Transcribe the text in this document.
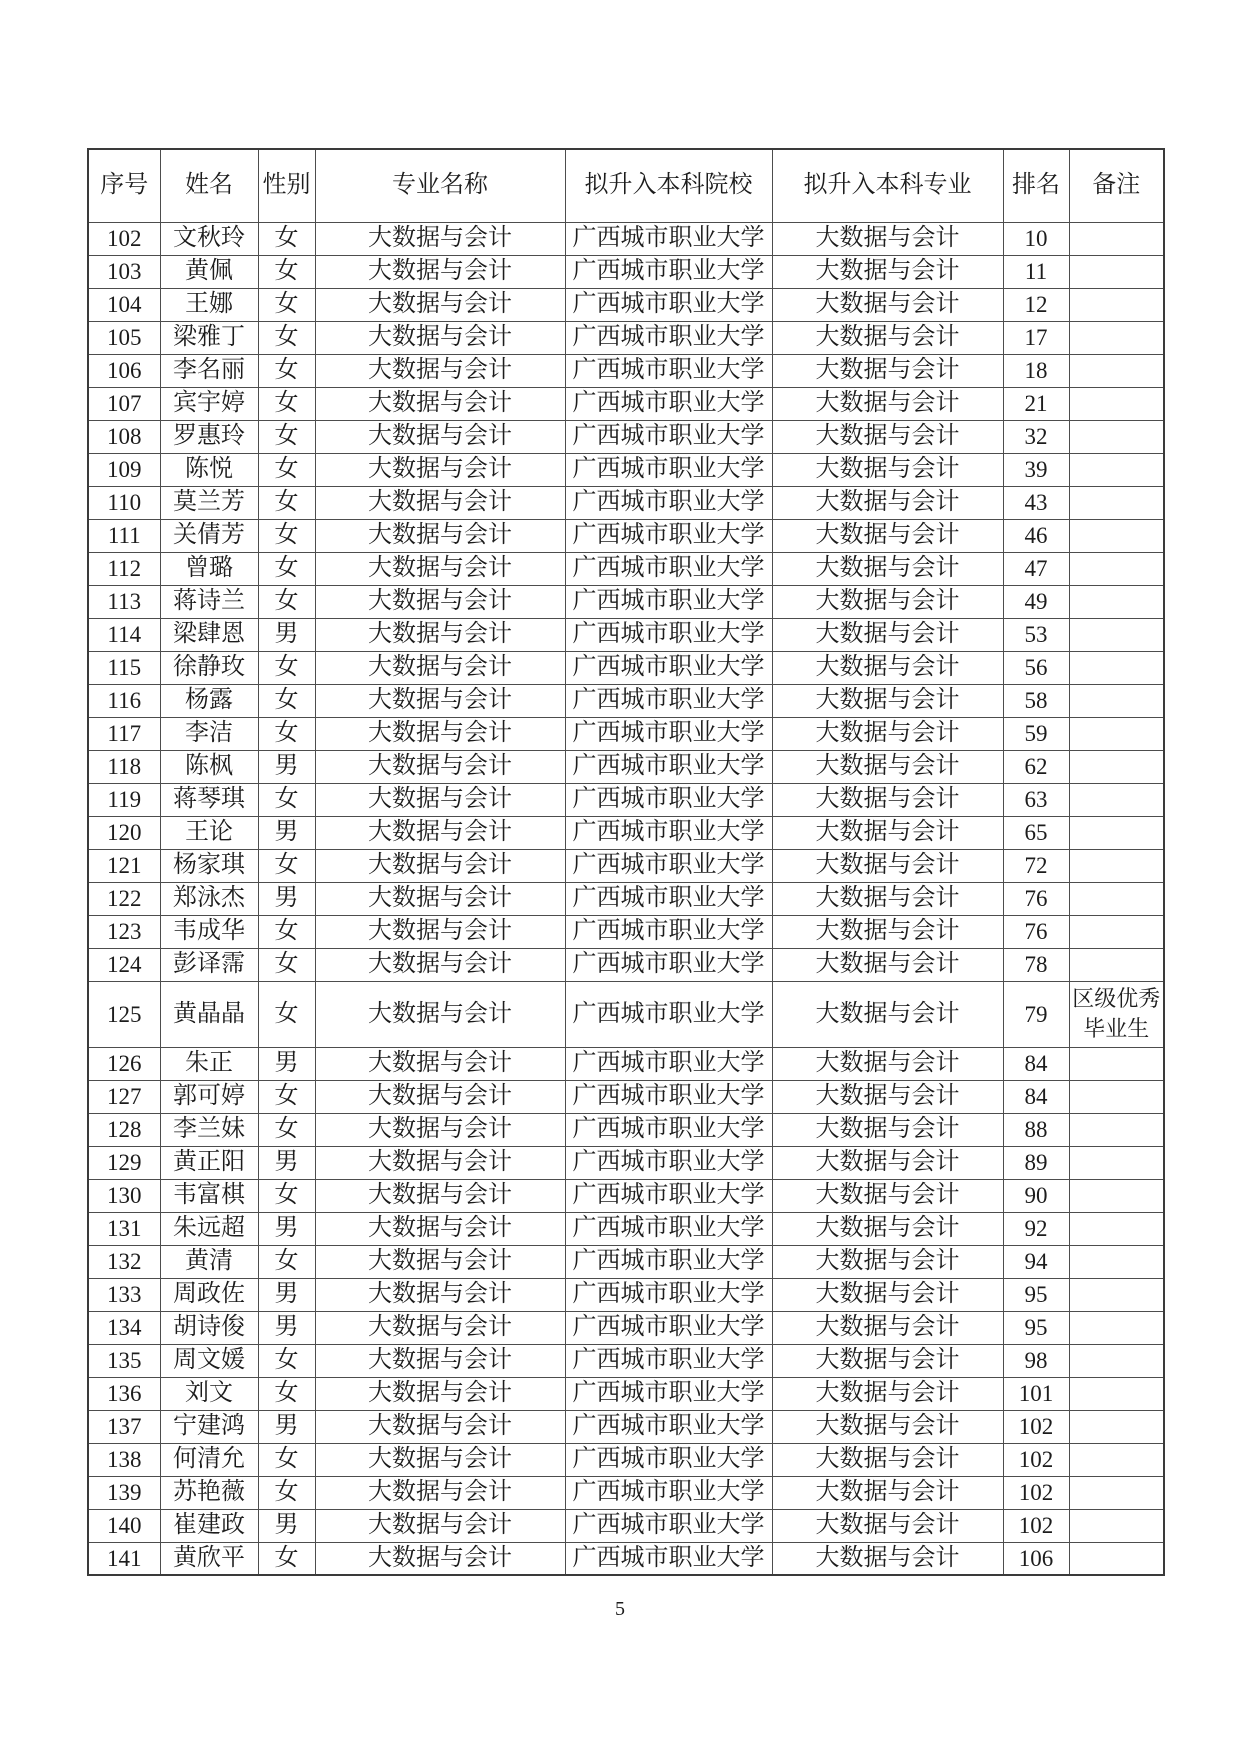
序号	姓名	性别	专业名称	拟升入本科院校	拟升入本科专业	排名	备注
102	文秋玲	女	大数据与会计	广西城市职业大学	大数据与会计	10	
103	黄佩	女	大数据与会计	广西城市职业大学	大数据与会计	11	
104	王娜	女	大数据与会计	广西城市职业大学	大数据与会计	12	
105	梁雅丁	女	大数据与会计	广西城市职业大学	大数据与会计	17	
106	李名丽	女	大数据与会计	广西城市职业大学	大数据与会计	18	
107	宾宇婷	女	大数据与会计	广西城市职业大学	大数据与会计	21	
108	罗惠玲	女	大数据与会计	广西城市职业大学	大数据与会计	32	
109	陈悦	女	大数据与会计	广西城市职业大学	大数据与会计	39	
110	莫兰芳	女	大数据与会计	广西城市职业大学	大数据与会计	43	
111	关倩芳	女	大数据与会计	广西城市职业大学	大数据与会计	46	
112	曾璐	女	大数据与会计	广西城市职业大学	大数据与会计	47	
113	蒋诗兰	女	大数据与会计	广西城市职业大学	大数据与会计	49	
114	梁肆恩	男	大数据与会计	广西城市职业大学	大数据与会计	53	
115	徐静玫	女	大数据与会计	广西城市职业大学	大数据与会计	56	
116	杨露	女	大数据与会计	广西城市职业大学	大数据与会计	58	
117	李洁	女	大数据与会计	广西城市职业大学	大数据与会计	59	
118	陈枫	男	大数据与会计	广西城市职业大学	大数据与会计	62	
119	蒋琴琪	女	大数据与会计	广西城市职业大学	大数据与会计	63	
120	王论	男	大数据与会计	广西城市职业大学	大数据与会计	65	
121	杨家琪	女	大数据与会计	广西城市职业大学	大数据与会计	72	
122	郑泳杰	男	大数据与会计	广西城市职业大学	大数据与会计	76	
123	韦成华	女	大数据与会计	广西城市职业大学	大数据与会计	76	
124	彭译霈	女	大数据与会计	广西城市职业大学	大数据与会计	78	
125	黄晶晶	女	大数据与会计	广西城市职业大学	大数据与会计	79	区级优秀毕业生
126	朱正	男	大数据与会计	广西城市职业大学	大数据与会计	84	
127	郭可婷	女	大数据与会计	广西城市职业大学	大数据与会计	84	
128	李兰妹	女	大数据与会计	广西城市职业大学	大数据与会计	88	
129	黄正阳	男	大数据与会计	广西城市职业大学	大数据与会计	89	
130	韦富棋	女	大数据与会计	广西城市职业大学	大数据与会计	90	
131	朱远超	男	大数据与会计	广西城市职业大学	大数据与会计	92	
132	黄清	女	大数据与会计	广西城市职业大学	大数据与会计	94	
133	周政佐	男	大数据与会计	广西城市职业大学	大数据与会计	95	
134	胡诗俊	男	大数据与会计	广西城市职业大学	大数据与会计	95	
135	周文媛	女	大数据与会计	广西城市职业大学	大数据与会计	98	
136	刘文	女	大数据与会计	广西城市职业大学	大数据与会计	101	
137	宁建鸿	男	大数据与会计	广西城市职业大学	大数据与会计	102	
138	何清允	女	大数据与会计	广西城市职业大学	大数据与会计	102	
139	苏艳薇	女	大数据与会计	广西城市职业大学	大数据与会计	102	
140	崔建政	男	大数据与会计	广西城市职业大学	大数据与会计	102	
141	黄欣平	女	大数据与会计	广西城市职业大学	大数据与会计	106	
5
